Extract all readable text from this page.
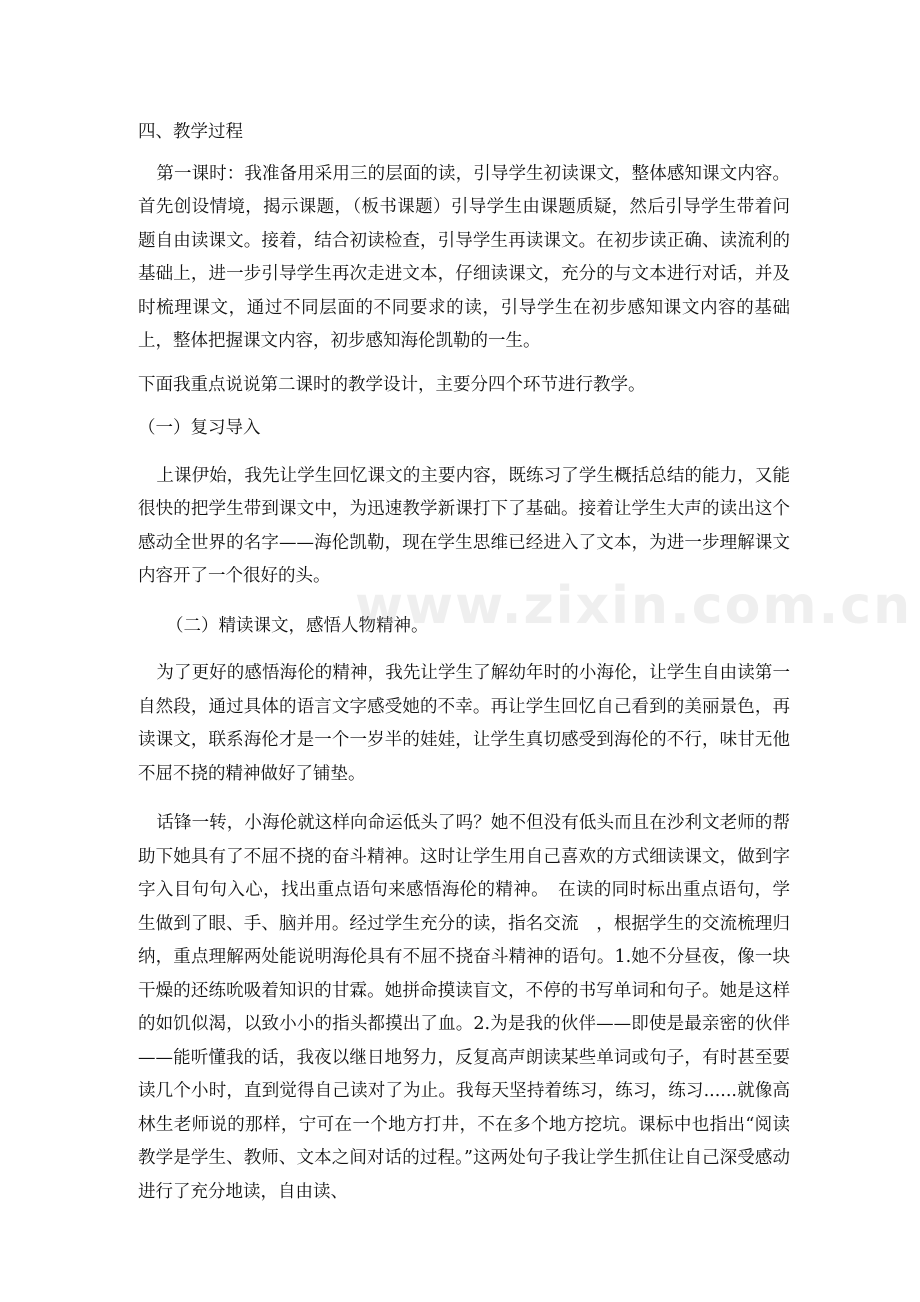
四、教学过程

第一课时：我准备用采用三的层面的读，引导学生初读课文，整体感知课文内容。首先创设情境，揭示课题，（板书课题）引导学生由课题质疑，然后引导学生带着问题自由读课文。接着，结合初读检查，引导学生再读课文。在初步读正确、读流利的基础上，进一步引导学生再次走进文本，仔细读课文，充分的与文本进行对话，并及时梳理课文，通过不同层面的不同要求的读，引导学生在初步感知课文内容的基础上，整体把握课文内容，初步感知海伦凯勒的一生。

下面我重点说说第二课时的教学设计，主要分四个环节进行教学。

（一）复习导入

上课伊始，我先让学生回忆课文的主要内容，既练习了学生概括总结的能力，又能很快的把学生带到课文中，为迅速教学新课打下了基础。接着让学生大声的读出这个感动全世界的名字——海伦凯勒，现在学生思维已经进入了文本，为进一步理解课文内容开了一个很好的头。

（二）精读课文，感悟人物精神。

为了更好的感悟海伦的精神，我先让学生了解幼年时的小海伦，让学生自由读第一自然段，通过具体的语言文字感受她的不幸。再让学生回忆自己看到的美丽景色，再读课文，联系海伦才是一个一岁半的娃娃，让学生真切感受到海伦的不行，味甘无他不屈不挠的精神做好了铺垫。

话锋一转，小海伦就这样向命运低头了吗？她不但没有低头而且在沙利文老师的帮助下她具有了不屈不挠的奋斗精神。这时让学生用自己喜欢的方式细读课文，做到字字入目句句入心，找出重点语句来感悟海伦的精神。　在读的同时标出重点语句，学生做到了眼、手、脑并用。经过学生充分的读，指名交流　，根据学生的交流梳理归纳，重点理解两处能说明海伦具有不屈不挠奋斗精神的语句。1.她不分昼夜，像一块干燥的还练吮吸着知识的甘霖。她拼命摸读盲文，不停的书写单词和句子。她是这样的如饥似渴，以致小小的指头都摸出了血。2.为是我的伙伴——即使是最亲密的伙伴——能听懂我的话，我夜以继日地努力，反复高声朗读某些单词或句子，有时甚至要读几个小时，直到觉得自己读对了为止。我每天坚持着练习，练习，练习......就像高林生老师说的那样，宁可在一个地方打井，不在多个地方挖坑。课标中也指出“阅读教学是学生、教师、文本之间对话的过程。”这两处句子我让学生抓住让自己深受感动进行了充分地读，自由读、

www.zixin.com.cn
